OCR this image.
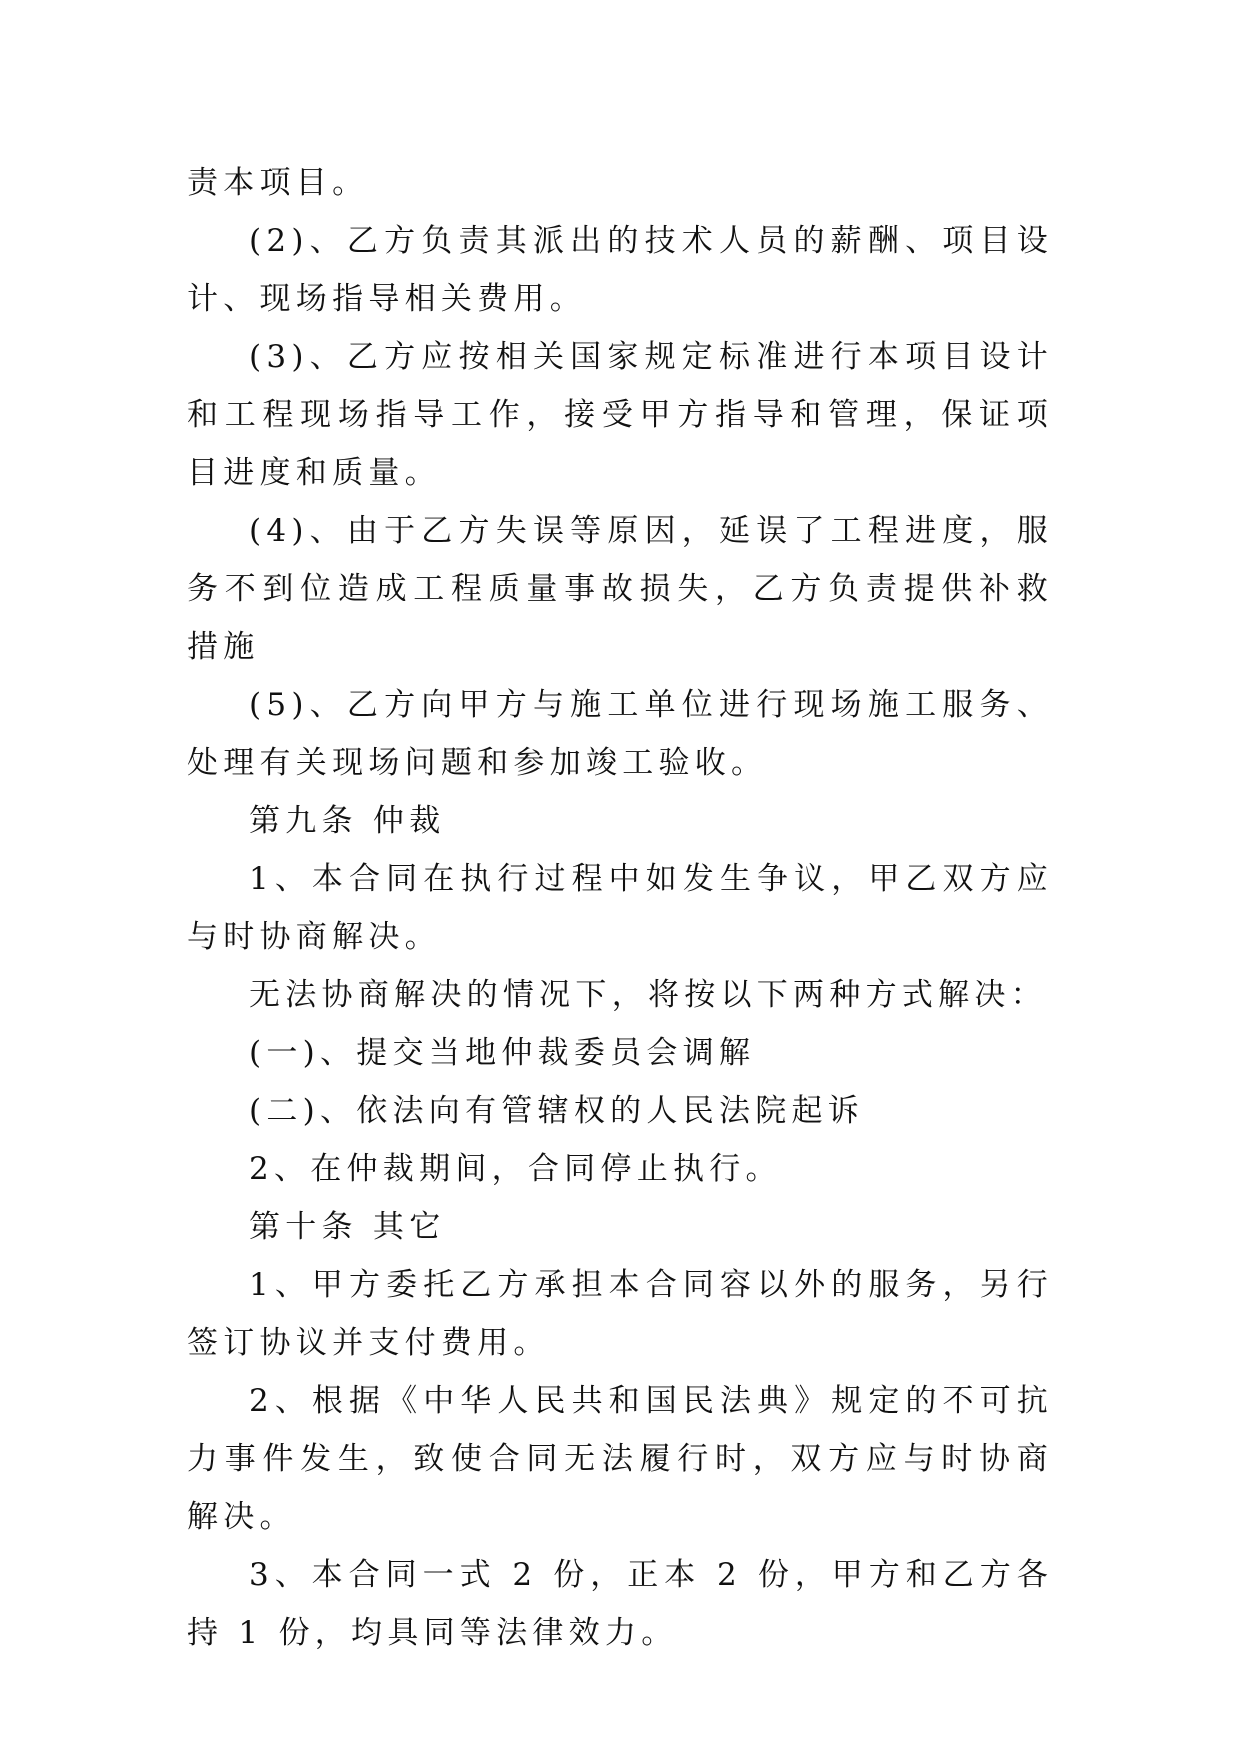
责本项目。

(2)、乙方负责其派出的技术人员的薪酬、项目设计、现场指导相关费用。

(3)、乙方应按相关国家规定标准进行本项目设计和工程现场指导工作，接受甲方指导和管理，保证项目进度和质量。

(4)、由于乙方失误等原因，延误了工程进度，服务不到位造成工程质量事故损失，乙方负责提供补救措施

(5)、乙方向甲方与施工单位进行现场施工服务、处理有关现场问题和参加竣工验收。

第九条 仲裁

1、本合同在执行过程中如发生争议，甲乙双方应与时协商解决。

无法协商解决的情况下，将按以下两种方式解决：

(一)、提交当地仲裁委员会调解

(二)、依法向有管辖权的人民法院起诉

2、在仲裁期间，合同停止执行。

第十条 其它

1、甲方委托乙方承担本合同容以外的服务，另行签订协议并支付费用。

2、根据《中华人民共和国民法典》规定的不可抗力事件发生，致使合同无法履行时，双方应与时协商解决。

3、本合同一式 2 份，正本 2 份，甲方和乙方各持 1 份，均具同等法律效力。
